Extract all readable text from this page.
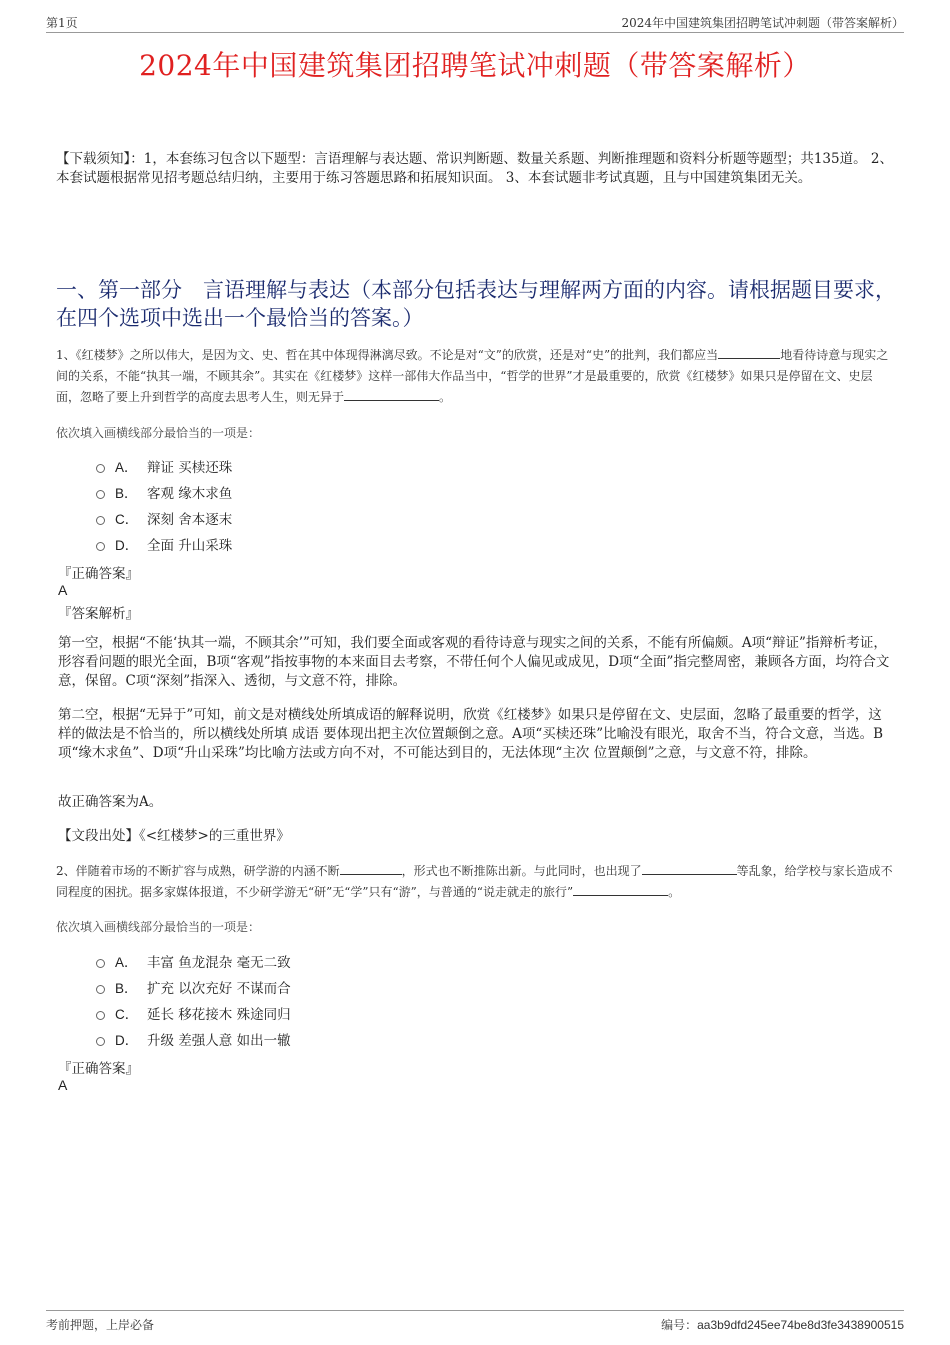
第1页	2024年中国建筑集团招聘笔试冲刺题（带答案解析）
2024年中国建筑集团招聘笔试冲刺题（带答案解析）
【下载须知】：1，本套练习包含以下题型：言语理解与表达题、常识判断题、数量关系题、判断推理题和资料分析题等题型；共135道。 2、本套试题根据常见招考题总结归纳，主要用于练习答题思路和拓展知识面。 3、本套试题非考试真题，且与中国建筑集团无关。
一、第一部分　言语理解与表达（本部分包括表达与理解两方面的内容。请根据题目要求，在四个选项中选出一个最恰当的答案。）
1、《红楼梦》之所以伟大，是因为文、史、哲在其中体现得淋漓尽致。不论是对“文”的欣赏，还是对“史”的批判，我们都应当	地看待诗意与现实之间的关系，不能“执其一端，不顾其余”。其实在《红楼梦》这样一部伟大作品当中，“哲学的世界”才是最重要的，欣赏《红楼梦》如果只是停留在文、史层面，忽略了要上升到哲学的高度去思考人生，则无异于	。
依次填入画横线部分最恰当的一项是：
A． 辩证 买椟还珠
B． 客观 缘木求鱼
C． 深刻 舍本逐末
D． 全面 升山采珠
『正确答案』
A
『答案解析』

第一空，根据“不能‘执其一端，不顾其余’”可知，我们要全面或客观的看待诗意与现实之间的关系，不能有所偏颇。A项“辩证”指辩析考证，形容看问题的眼光全面，B项“客观”指按事物的本来面目去考察，不带任何个人偏见或成见，D项“全面”指完整周密，兼顾各方面，均符合文意，保留。C项“深刻”指深入、透彻，与文意不符，排除。

第二空，根据“无异于”可知，前文是对横线处所填成语的解释说明，欣赏《红楼梦》如果只是停留在文、史层面，忽略了最重要的哲学，这样的做法是不恰当的，所以横线处所填 成语 要体现出把主次位置颠倒之意。A项“买椟还珠”比喻没有眼光，取舍不当，符合文意，当选。B项“缘木求鱼”、D项“升山采珠”均比喻方法或方向不对，不可能达到目的，无法体现“主次 位置颠倒”之意，与文意不符，排除。

故正确答案为A。

【文段出处】《<红楼梦>的三重世界》

2、伴随着市场的不断扩容与成熟，研学游的内涵不断	，形式也不断推陈出新。与此同时，也出现了	等乱象，给学校与家长造成不同程度的困扰。据多家媒体报道，不少研学游无“研”无“学”只有“游”，与普通的“说走就走的旅行”	。
依次填入画横线部分最恰当的一项是：
A． 丰富 鱼龙混杂 毫无二致
B． 扩充 以次充好 不谋而合
C． 延长 移花接木 殊途同归
D． 升级 差强人意 如出一辙
『正确答案』
A
考前押题，上岸必备	编号：aa3b9dfd245ee74be8d3fe3438900515
